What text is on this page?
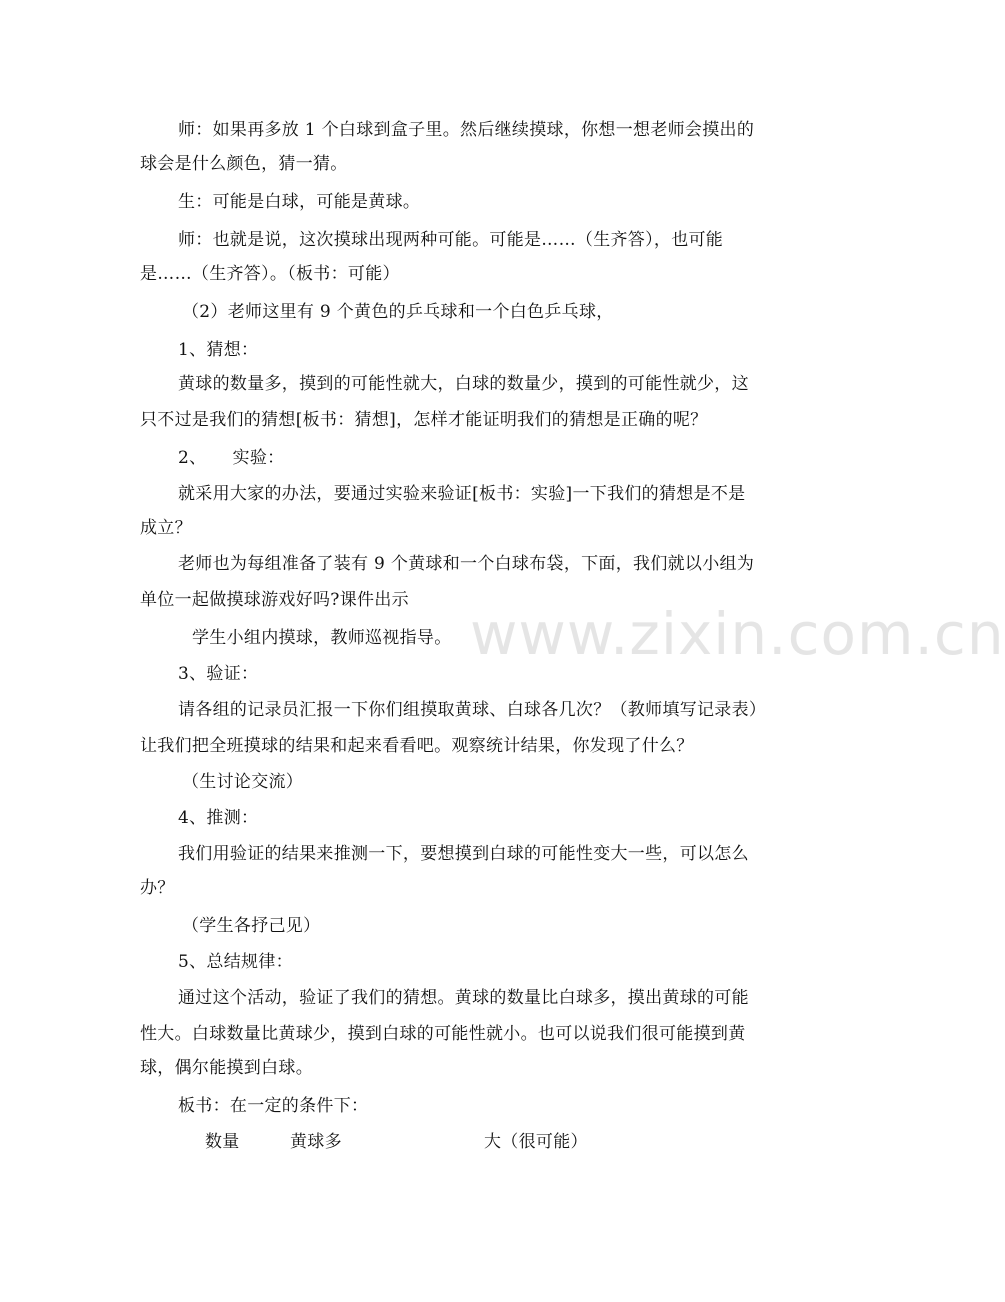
www.zixin.com.cn
师：如果再多放 1 个白球到盒子里。然后继续摸球，你想一想老师会摸出的
球会是什么颜色，猜一猜。
生：可能是白球，可能是黄球。
师：也就是说，这次摸球出现两种可能。可能是……（生齐答），也可能
是……（生齐答）。（板书：可能）
（2）老师这里有 9 个黄色的乒乓球和一个白色乒乓球，
1、猜想：
黄球的数量多，摸到的可能性就大，白球的数量少，摸到的可能性就少，这
只不过是我们的猜想[板书：猜想]，怎样才能证明我们的猜想是正确的呢？
2、　　实验：
就采用大家的办法，要通过实验来验证[板书：实验]一下我们的猜想是不是
成立？
老师也为每组准备了装有 9 个黄球和一个白球布袋，下面，我们就以小组为
单位一起做摸球游戏好吗?课件出示
学生小组内摸球，教师巡视指导。
3、验证：
请各组的记录员汇报一下你们组摸取黄球、白球各几次？（教师填写记录表）
让我们把全班摸球的结果和起来看看吧。观察统计结果，你发现了什么？
（生讨论交流）
4、推测：
我们用验证的结果来推测一下，要想摸到白球的可能性变大一些，可以怎么
办？
（学生各抒己见）
5、总结规律：
通过这个活动，验证了我们的猜想。黄球的数量比白球多，摸出黄球的可能
性大。白球数量比黄球少，摸到白球的可能性就小。也可以说我们很可能摸到黄
球，偶尔能摸到白球。
板书：在一定的条件下：
数量	黄球多	大（很可能）
